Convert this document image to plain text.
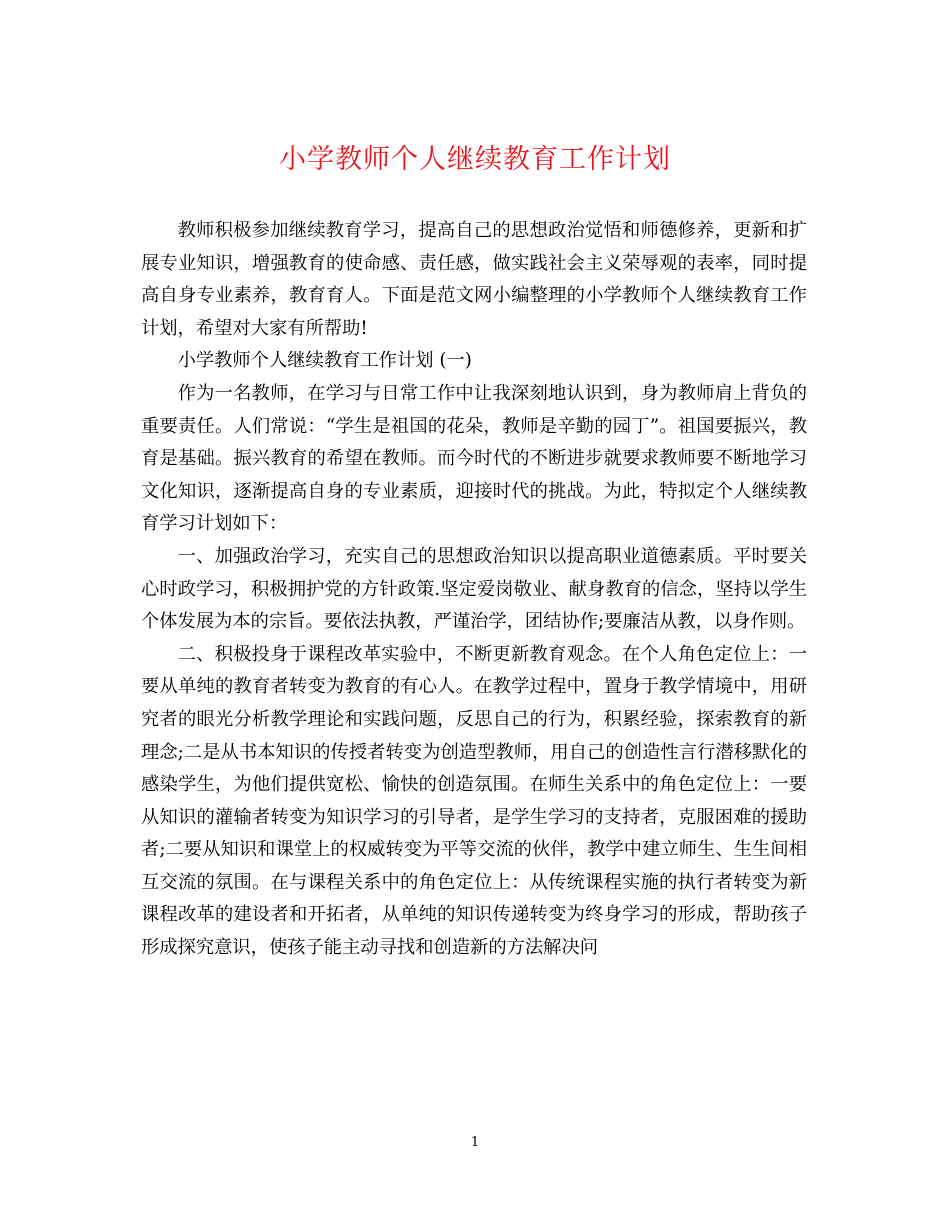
小学教师个人继续教育工作计划

教师积极参加继续教育学习，提高自己的思想政治觉悟和师德修养，更新和扩展专业知识，增强教育的使命感、责任感，做实践社会主义荣辱观的表率，同时提高自身专业素养，教育育人。下面是范文网小编整理的小学教师个人继续教育工作计划，希望对大家有所帮助!

小学教师个人继续教育工作计划 (一)

作为一名教师，在学习与日常工作中让我深刻地认识到，身为教师肩上背负的重要责任。人们常说：“学生是祖国的花朵，教师是辛勤的园丁”。祖国要振兴，教育是基础。振兴教育的希望在教师。而今时代的不断进步就要求教师要不断地学习文化知识，逐渐提高自身的专业素质，迎接时代的挑战。为此，特拟定个人继续教育学习计划如下：

一、加强政治学习，充实自己的思想政治知识以提高职业道德素质。平时要关心时政学习，积极拥护党的方针政策.坚定爱岗敬业、献身教育的信念，坚持以学生个体发展为本的宗旨。要依法执教，严谨治学，团结协作;要廉洁从教，以身作则。

二、积极投身于课程改革实验中，不断更新教育观念。在个人角色定位上：一要从单纯的教育者转变为教育的有心人。在教学过程中，置身于教学情境中，用研究者的眼光分析教学理论和实践问题，反思自己的行为，积累经验，探索教育的新理念;二是从书本知识的传授者转变为创造型教师，用自己的创造性言行潜移默化的感染学生，为他们提供宽松、愉快的创造氛围。在师生关系中的角色定位上：一要从知识的灌输者转变为知识学习的引导者，是学生学习的支持者，克服困难的援助者;二要从知识和课堂上的权威转变为平等交流的伙伴，教学中建立师生、生生间相互交流的氛围。在与课程关系中的角色定位上：从传统课程实施的执行者转变为新课程改革的建设者和开拓者，从单纯的知识传递转变为终身学习的形成，帮助孩子形成探究意识，使孩子能主动寻找和创造新的方法解决问

1
